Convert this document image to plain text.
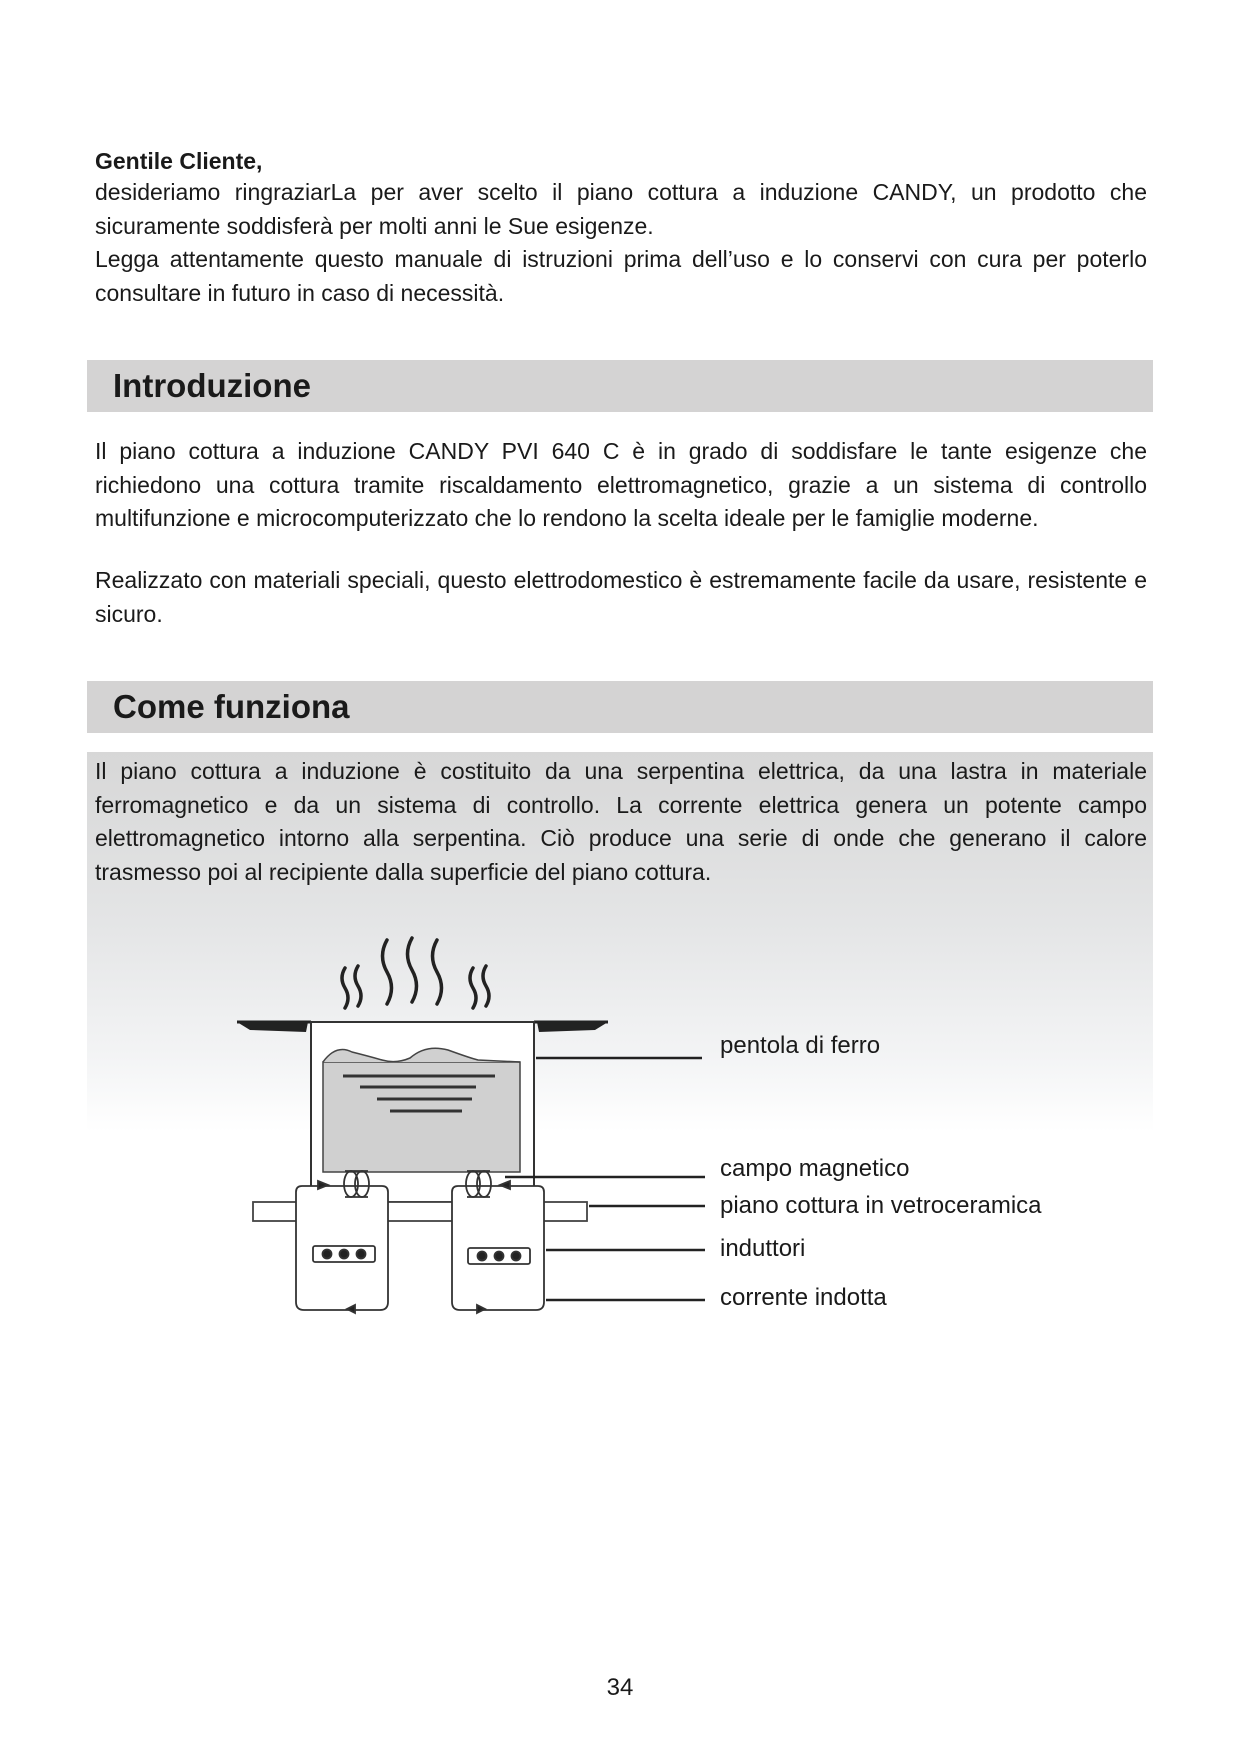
Gentile Cliente,
desideriamo ringraziarLa per aver scelto il piano cottura a induzione CANDY, un prodotto che sicuramente soddisferà per molti anni le Sue esigenze.
Legga attentamente questo manuale di istruzioni prima dell’uso e lo conservi con cura per poterlo consultare in futuro in caso di necessità.
Introduzione
Il piano cottura a induzione CANDY PVI 640 C è in grado di soddisfare le tante esigenze che richiedono una cottura tramite riscaldamento elettromagnetico, grazie a un sistema di controllo multifunzione e microcomputerizzato che lo rendono la scelta ideale per le famiglie moderne.
Realizzato con materiali speciali, questo elettrodomestico è estremamente facile da usare, resistente e sicuro.
Come funziona
Il piano cottura a induzione è costituito da una serpentina elettrica, da una lastra in materiale ferromagnetico e da un sistema di controllo. La corrente elettrica genera un potente campo elettromagnetico intorno alla serpentina. Ciò produce una serie di onde che generano il calore trasmesso poi al recipiente dalla superficie del piano cottura.
pentola di ferro
campo magnetico
piano cottura in vetroceramica
induttori
corrente indotta
34
